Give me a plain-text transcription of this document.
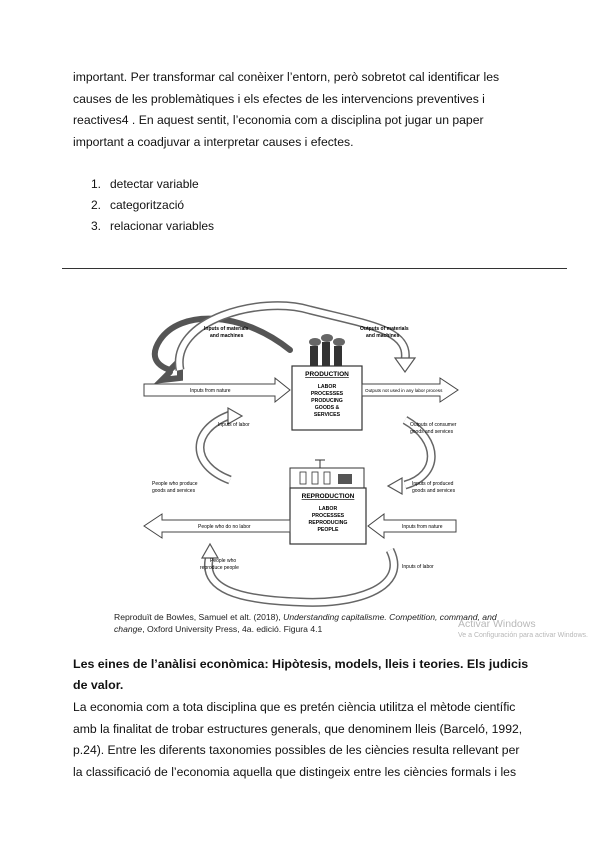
important. Per transformar cal conèixer l’entorn, però sobretot cal identificar les
causes de les problemàtiques i els efectes de les intervencions preventives i
reactives4 . En aquest sentit, l’economia com a disciplina pot jugar un paper
important a coadjuvar a interpretar causes i efectes.

1. detectar variable
2. categorització
3. relacionar variables
PRODUCTION
LABOR
PROCESSES
PRODUCING
GOODS &
SERVICES
REPRODUCTION
LABOR
PROCESSES
REPRODUCING
PEOPLE
Inputs from nature	Outputs not used in any labor process
People who do no labor	Inputs from nature
Inputs of materials
and machines
Outputs of materials
and machines
Inputs of labor	Outputs of consumer
goods and services
People who produce
goods and services
Inputs of produced
goods and services
People who
reproduce people	Inputs of labor
Reproduït de Bowles, Samuel et alt. (2018), Understanding capitalisme. Competition, command, and
change, Oxford University Press, 4a. edició. Figura 4.1	Activar Windows
Ve a Configuración para activar Windows.
Les eines de l’anàlisi econòmica: Hipòtesis, models, lleis i teories. Els judicis
de valor.

La economia com a tota disciplina que es pretén ciència utilitza el mètode científic
amb la finalitat de trobar estructures generals, que denominem lleis (Barceló, 1992,
p.24). Entre les diferents taxonomies possibles de les ciències resulta rellevant per
la classificació de l’economia aquella que distingeix entre les ciències formals i les
